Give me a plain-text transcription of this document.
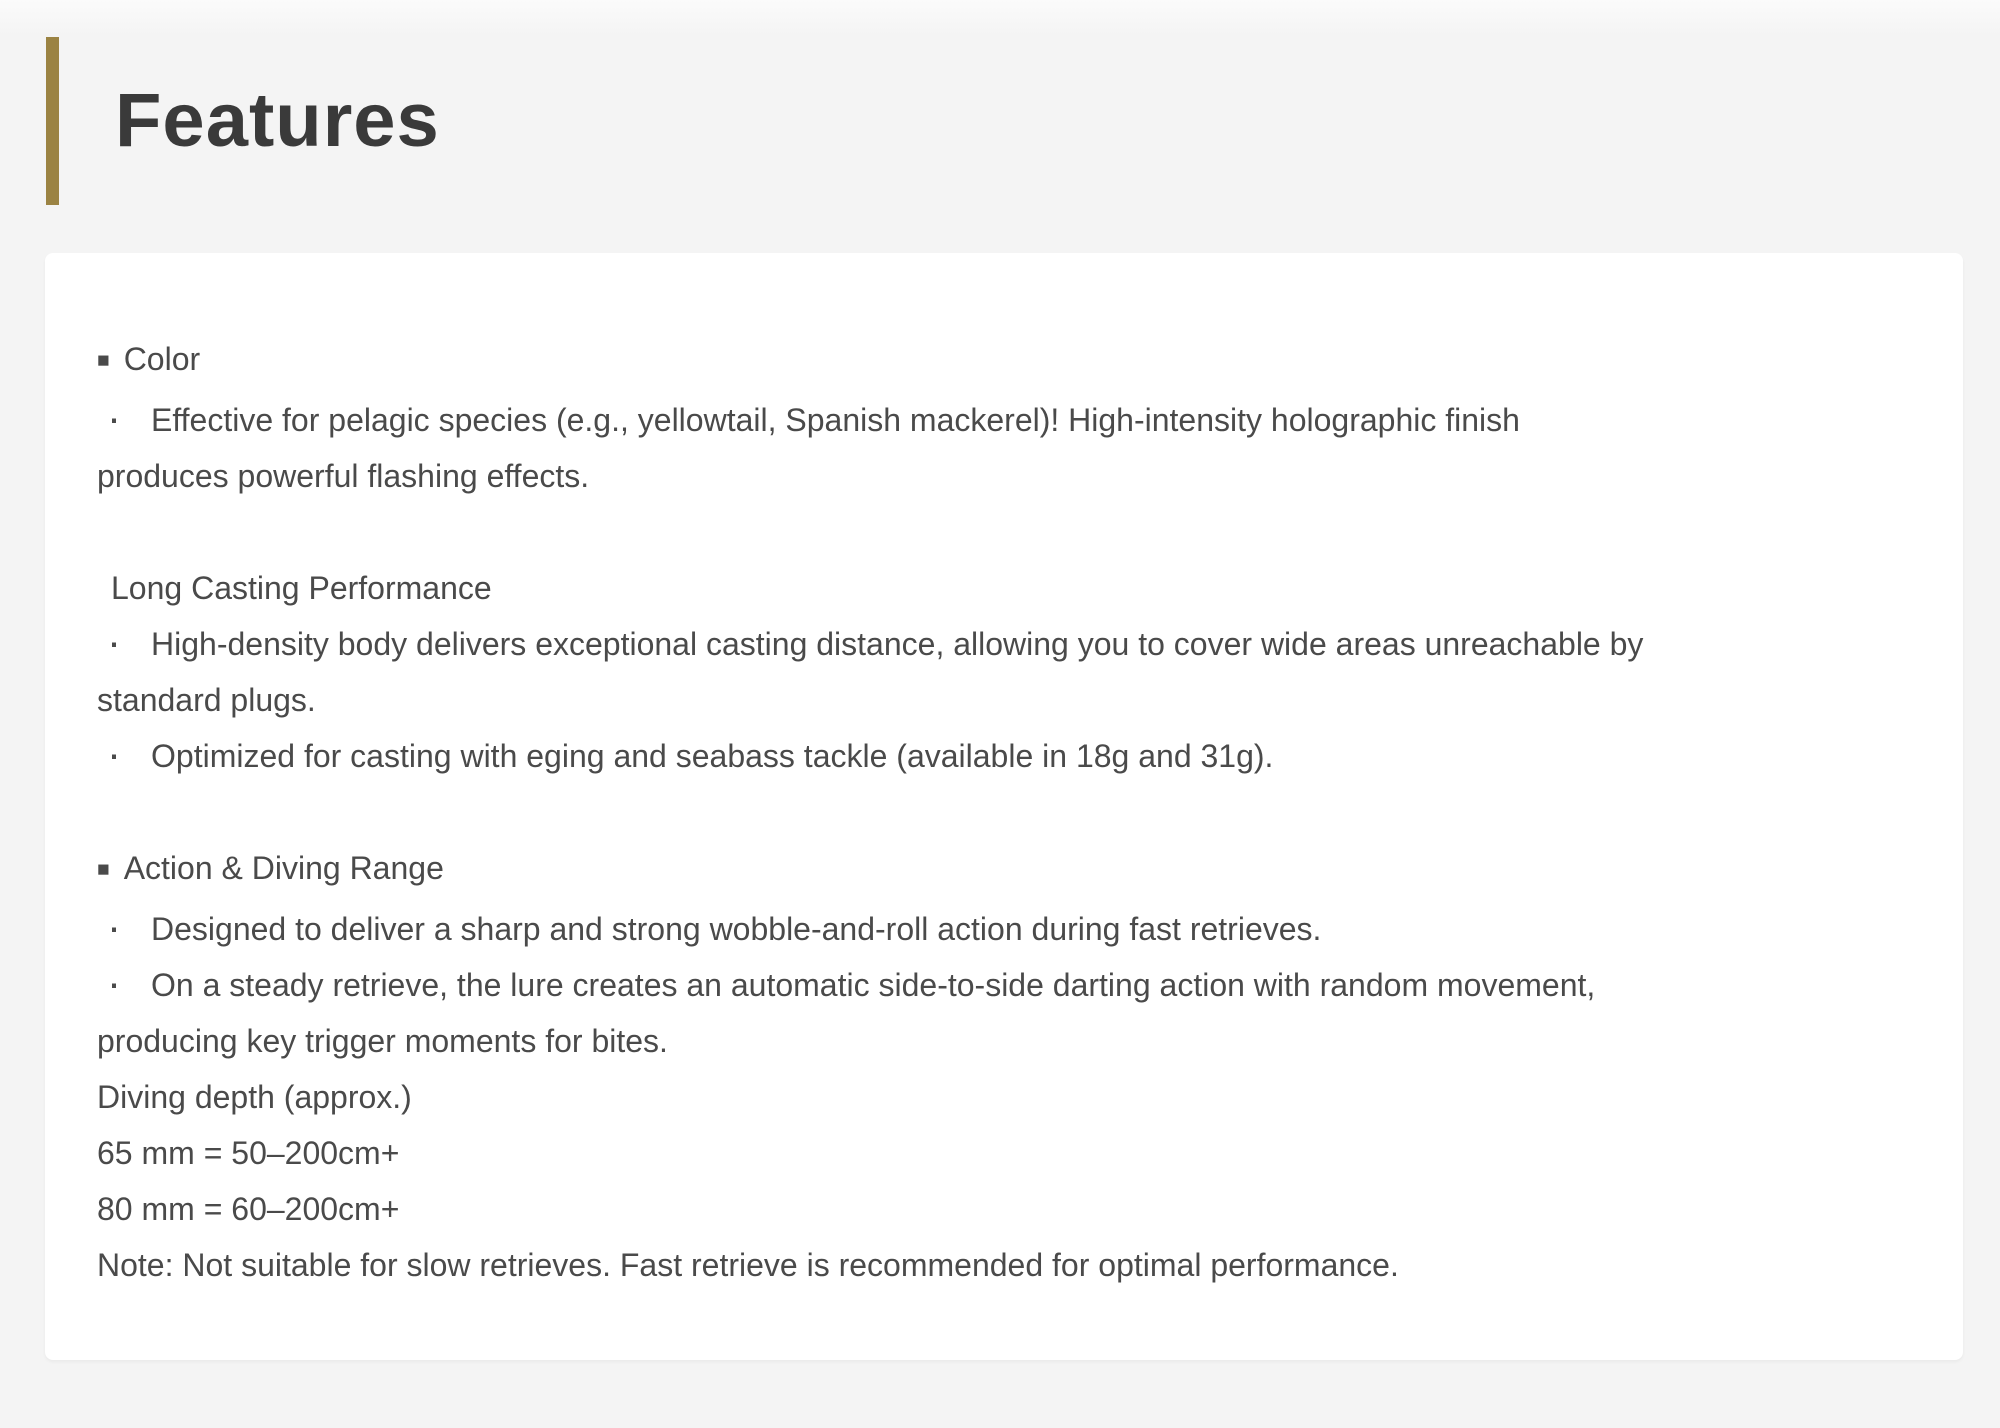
Features

■ Color

· Effective for pelagic species (e.g., yellowtail, Spanish mackerel)! High-intensity holographic finish

produces powerful flashing effects.

Long Casting Performance

· High-density body delivers exceptional casting distance, allowing you to cover wide areas unreachable by

standard plugs.

· Optimized for casting with eging and seabass tackle (available in 18g and 31g).

■ Action & Diving Range

· Designed to deliver a sharp and strong wobble-and-roll action during fast retrieves.

· On a steady retrieve, the lure creates an automatic side-to-side darting action with random movement,

producing key trigger moments for bites.

Diving depth (approx.)

65 mm = 50–200cm+

80 mm = 60–200cm+

Note: Not suitable for slow retrieves. Fast retrieve is recommended for optimal performance.
